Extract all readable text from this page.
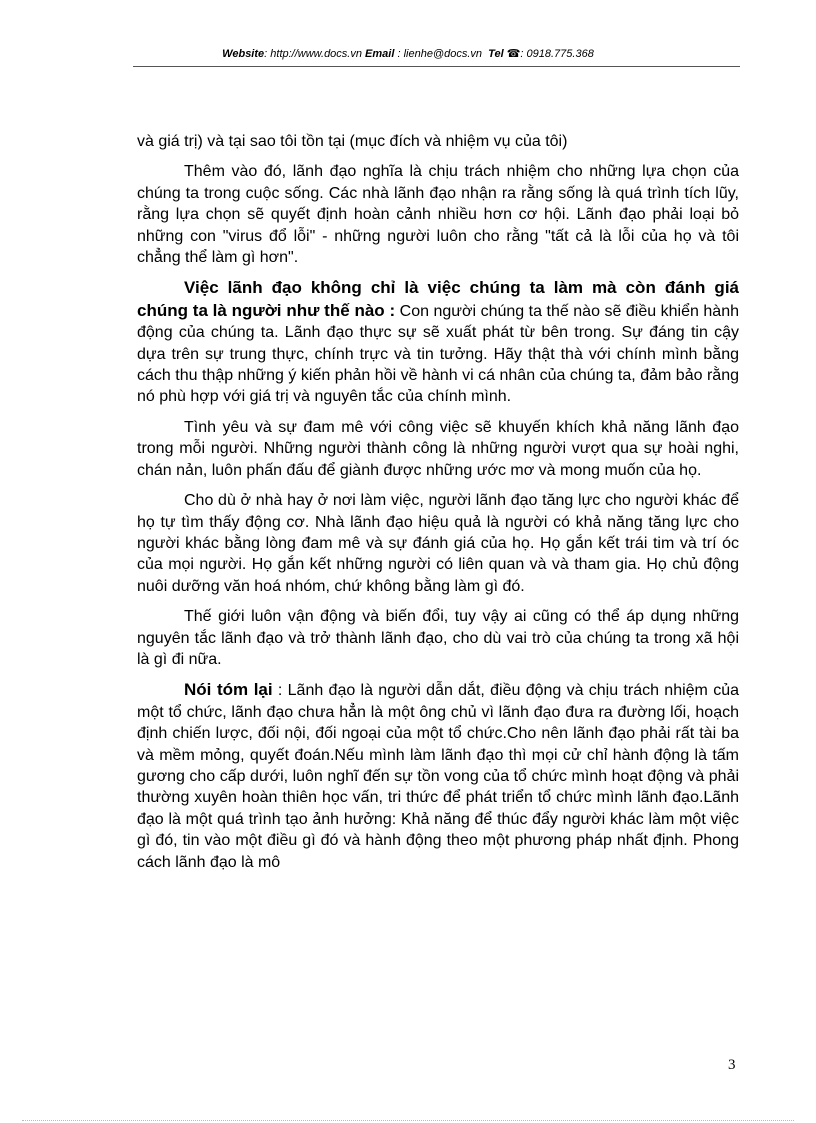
Website: http://www.docs.vn Email : lienhe@docs.vn Tel ☎: 0918.775.368

và giá trị) và tại sao tôi tồn tại (mục đích và nhiệm vụ của tôi)

Thêm vào đó, lãnh đạo nghĩa là chịu trách nhiệm cho những lựa chọn của chúng ta trong cuộc sống. Các nhà lãnh đạo nhận ra rằng sống là quá trình tích lũy, rằng lựa chọn sẽ quyết định hoàn cảnh nhiều hơn cơ hội. Lãnh đạo phải loại bỏ những con "virus đổ lỗi" - những người luôn cho rằng "tất cả là lỗi của họ và tôi chẳng thể làm gì hơn".

Việc lãnh đạo không chỉ là việc chúng ta làm mà còn đánh giá chúng ta là người như thế nào : Con người chúng ta thế nào sẽ điều khiển hành động của chúng ta. Lãnh đạo thực sự sẽ xuất phát từ bên trong. Sự đáng tin cậy dựa trên sự trung thực, chính trực và tin tưởng. Hãy thật thà với chính mình bằng cách thu thập những ý kiến phản hồi về hành vi cá nhân của chúng ta, đảm bảo rằng nó phù hợp với giá trị và nguyên tắc của chính mình.

Tình yêu và sự đam mê với công việc sẽ khuyến khích khả năng lãnh đạo trong mỗi người. Những người thành công là những người vượt qua sự hoài nghi, chán nản, luôn phấn đấu để giành được những ước mơ và mong muốn của họ.

Cho dù ở nhà hay ở nơi làm việc, người lãnh đạo tăng lực cho người khác để họ tự tìm thấy động cơ. Nhà lãnh đạo hiệu quả là người có khả năng tăng lực cho người khác bằng lòng đam mê và sự đánh giá của họ. Họ gắn kết trái tim và trí óc của mọi người. Họ gắn kết những người có liên quan và và tham gia. Họ chủ động nuôi dưỡng văn hoá nhóm, chứ không bằng làm gì đó.

Thế giới luôn vận động và biến đổi, tuy vậy ai cũng có thể áp dụng những nguyên tắc lãnh đạo và trở thành lãnh đạo, cho dù vai trò của chúng ta trong xã hội là gì đi nữa.

Nói tóm lại : Lãnh đạo là người dẫn dắt, điều động và chịu trách nhiệm của một tổ chức, lãnh đạo chưa hẳn là một ông chủ vì lãnh đạo đưa ra đường lối, hoạch định chiến lược, đối nội, đối ngoại của một tổ chức.Cho nên lãnh đạo phải rất tài ba và mềm mỏng, quyết đoán.Nếu mình làm lãnh đạo thì mọi cử chỉ hành động là tấm gương cho cấp dưới, luôn nghĩ đến sự tồn vong của tổ chức mình hoạt động và phải thường xuyên hoàn thiên học vấn, tri thức để phát triển tổ chức mình lãnh đạo.Lãnh đạo là một quá trình tạo ảnh hưởng: Khả năng để thúc đẩy người khác làm một việc gì đó, tin vào một điều gì đó và hành động theo một phương pháp nhất định. Phong cách lãnh đạo là mô

3
